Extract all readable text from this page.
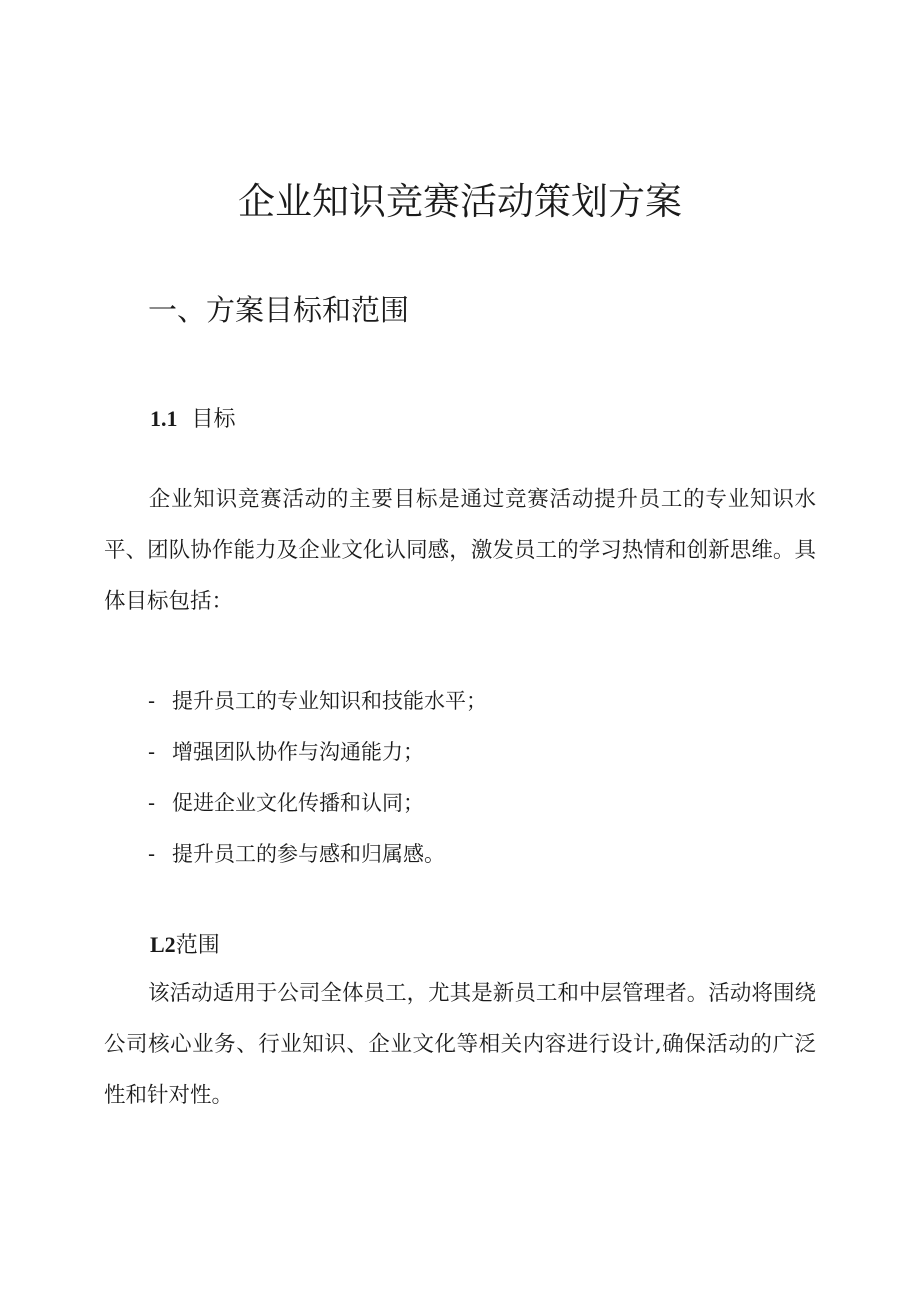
企业知识竞赛活动策划方案
一、方案目标和范围
1.1 目标
企业知识竞赛活动的主要目标是通过竞赛活动提升员工的专业知识水平、团队协作能力及企业文化认同感，激发员工的学习热情和创新思维。具体目标包括：
- 提升员工的专业知识和技能水平；
- 增强团队协作与沟通能力；
- 促进企业文化传播和认同；
- 提升员工的参与感和归属感。
L2范围
该活动适用于公司全体员工，尤其是新员工和中层管理者。活动将围绕公司核心业务、行业知识、企业文化等相关内容进行设计,确保活动的广泛性和针对性。
